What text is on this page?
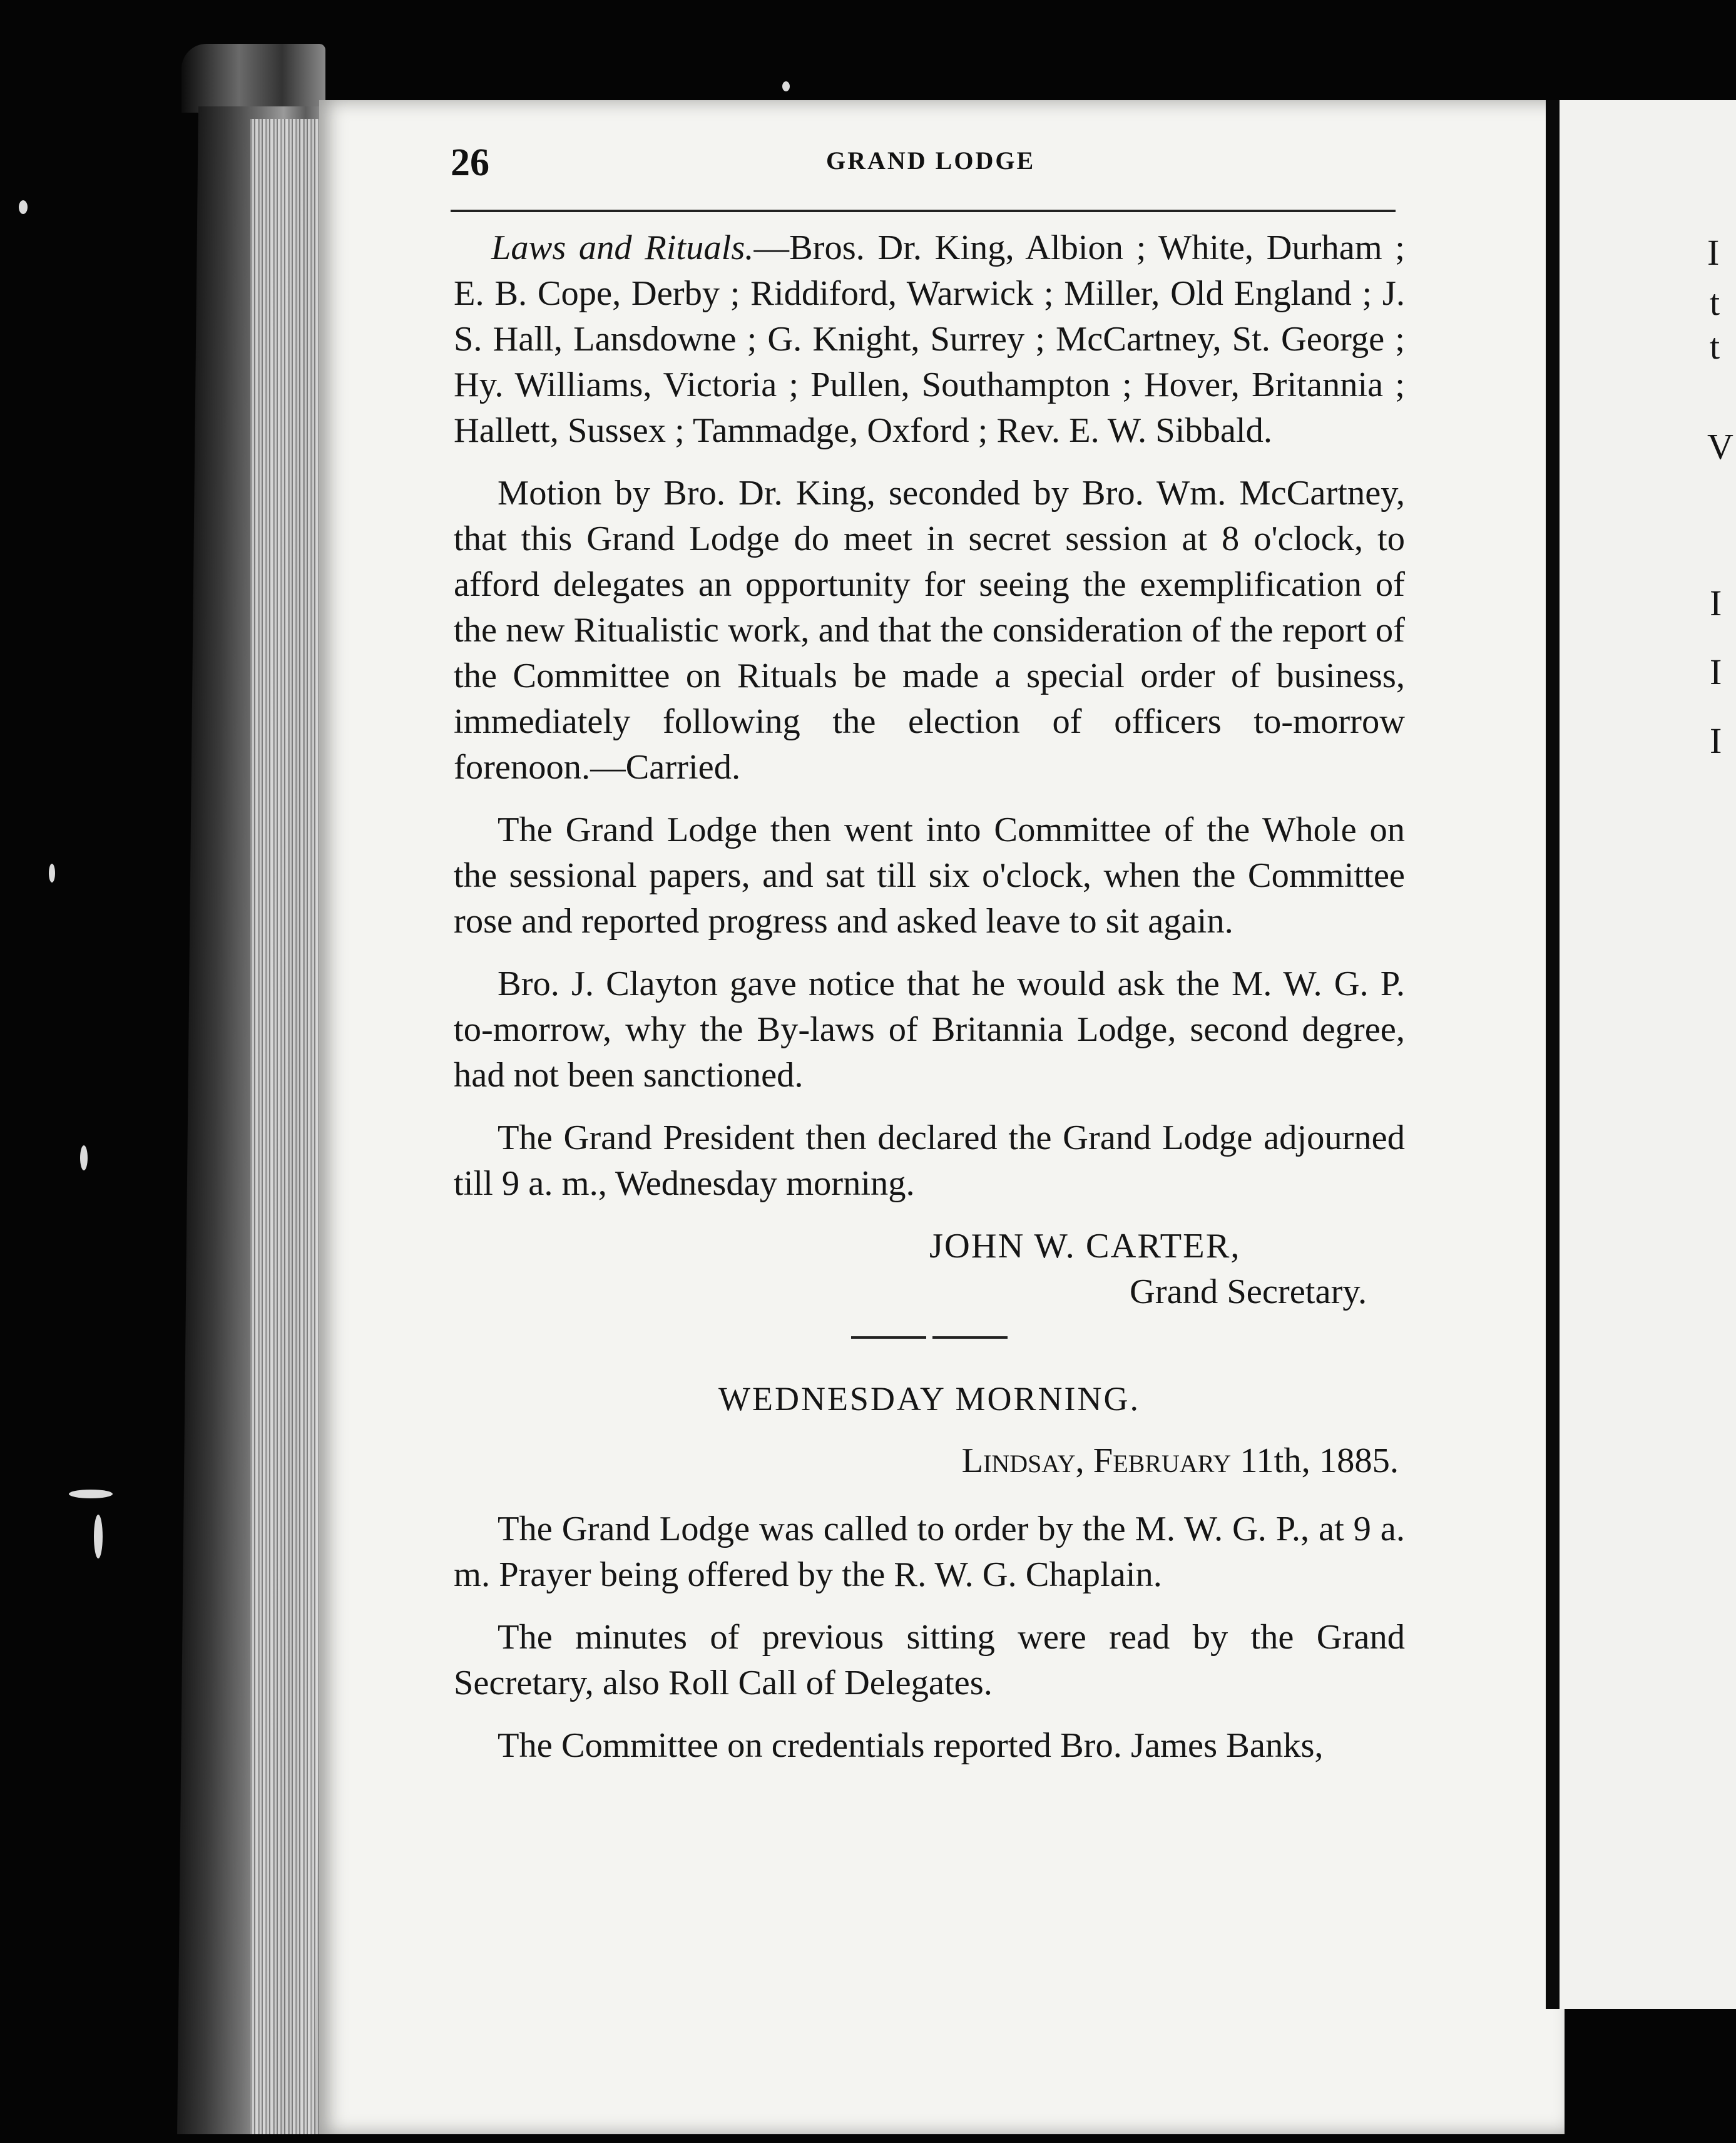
I
t
t
V
I
I
I
26	GRAND LODGE

Laws and Rituals.—Bros. Dr. King, Albion ; White, Durham ; E. B. Cope, Derby ; Riddiford, Warwick ; Miller, Old England ; J. S. Hall, Lansdowne ; G. Knight, Surrey ; McCartney, St. George ; Hy. Williams, Victoria ; Pullen, Southampton ; Hover, Britannia ; Hallett, Sussex ; Tammadge, Oxford ; Rev. E. W. Sibbald.

Motion by Bro. Dr. King, seconded by Bro. Wm. McCartney, that this Grand Lodge do meet in secret session at 8 o'clock, to afford delegates an opportunity for seeing the exemplification of the new Ritualistic work, and that the consideration of the report of the Committee on Rituals be made a special order of business, immediately following the election of officers to-morrow forenoon.—Carried.

The Grand Lodge then went into Committee of the Whole on the sessional papers, and sat till six o'clock, when the Committee rose and reported progress and asked leave to sit again.

Bro. J. Clayton gave notice that he would ask the M. W. G. P. to-morrow, why the By-laws of Britannia Lodge, second degree, had not been sanctioned.

The Grand President then declared the Grand Lodge adjourned till 9 a. m., Wednesday morning.

JOHN W. CARTER,
Grand Secretary.

WEDNESDAY MORNING.

Lindsay, February 11th, 1885.

The Grand Lodge was called to order by the M. W. G. P., at 9 a. m. Prayer being offered by the R. W. G. Chaplain.

The minutes of previous sitting were read by the Grand Secretary, also Roll Call of Delegates.

The Committee on credentials reported Bro. James Banks,
